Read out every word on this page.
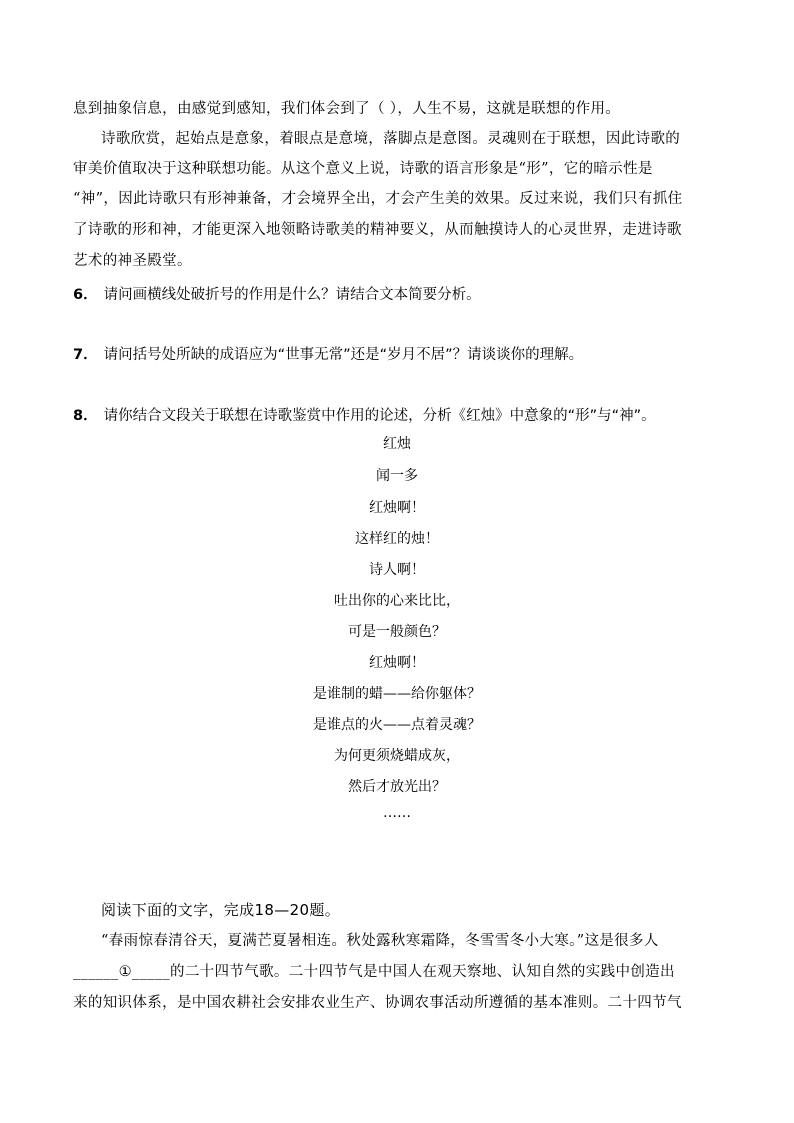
息到抽象信息，由感觉到感知，我们体会到了（ ），人生不易，这就是联想的作用。
诗歌欣赏，起始点是意象，着眼点是意境，落脚点是意图。灵魂则在于联想，因此诗歌的
审美价值取决于这种联想功能。从这个意义上说，诗歌的语言形象是“形”，它的暗示性是
“神”，因此诗歌只有形神兼备，才会境界全出，才会产生美的效果。反过来说，我们只有抓住
了诗歌的形和神，才能更深入地领略诗歌美的精神要义，从而触摸诗人的心灵世界，走进诗歌
艺术的神圣殿堂。
6． 请问画横线处破折号的作用是什么？请结合文本简要分析。
7． 请问括号处所缺的成语应为“世事无常”还是“岁月不居”？请谈谈你的理解。
8． 请你结合文段关于联想在诗歌鉴赏中作用的论述，分析《红烛》中意象的“形”与“神”。
红烛
闻一多
红烛啊！
这样红的烛！
诗人啊！
吐出你的心来比比，
可是一般颜色？
红烛啊！
是谁制的蜡——给你躯体？
是谁点的火——点着灵魂？
为何更须烧蜡成灰，
然后才放光出？
……
阅读下面的文字，完成18—20题。
“春雨惊春清谷天，夏满芒夏暑相连。秋处露秋寒霜降，冬雪雪冬小大寒。”这是很多人
______①_____的二十四节气歌。二十四节气是中国人在观天察地、认知自然的实践中创造出
来的知识体系，是中国农耕社会安排农业生产、协调农事活动所遵循的基本准则。二十四节气
